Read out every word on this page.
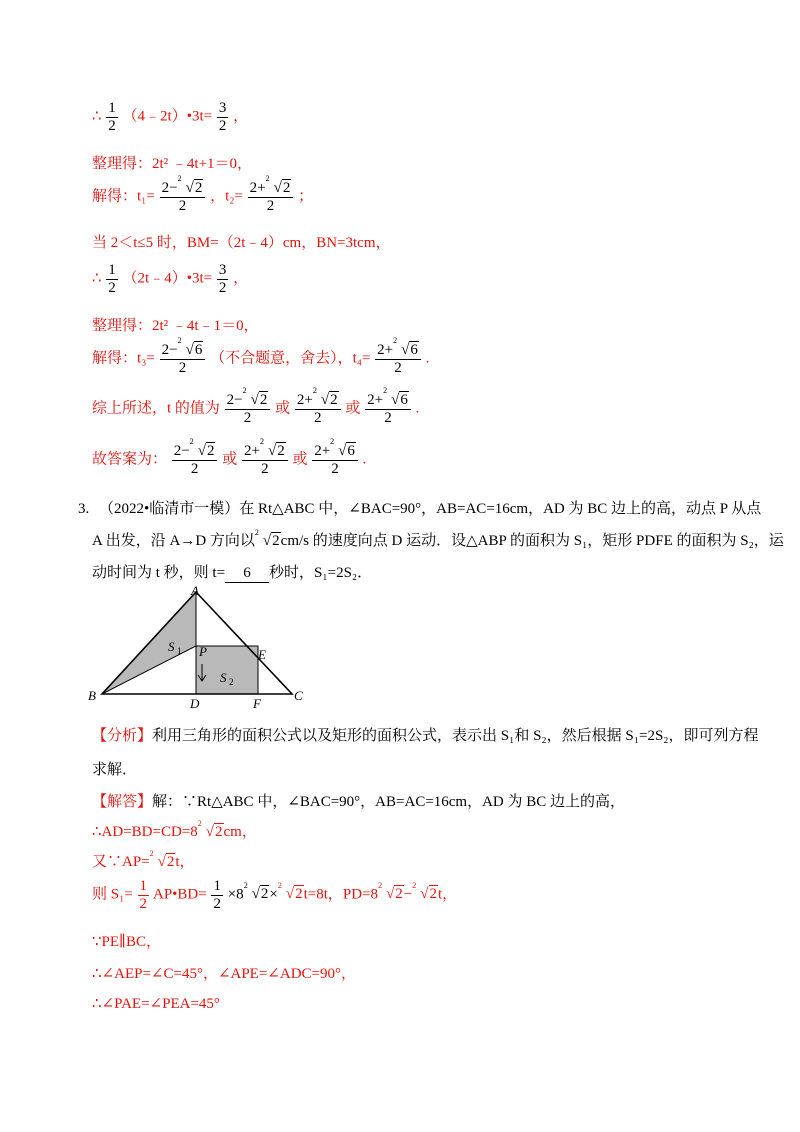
∴ $\frac{1}{2}$ （4﹣2t）•3t= $\frac{3}{2}$ ，
整理得：2t² ﹣4t+1＝0，
解得：t₁= 2−
2
√2
2 ，t₂= 2+
2
√2
2 ；
当 2＜t≤5 时，BM=（2t﹣4）cm，BN=3tcm，
∴ $\frac{1}{2}$ （2t﹣4）•3t= $\frac{3}{2}$ ，
整理得：2t² ﹣4t﹣1＝0，
解得：t₃= 2−
2
√6
2 （不合题意，舍去），t₄= 2+
2
√6
2 .
综上所述，t 的值为 2−
2
√2
2 或 2+
2
√2
2 或 2+
2
√6
2 .
故答案为： 2−
2
√2
2 或 2+
2
√2
2 或 2+
2
√6
2 .
3. （2022•临清市一模）在 Rt△ABC 中，∠BAC=90°，AB=AC=16cm，AD 为 BC 边上的高，动点 P 从点
A 出发，沿 A→D 方向以
2
√2cm/s 的速度向点 D 运动．设△ABP 的面积为 S₁，矩形 PDFE 的面积为 S₂，运
动时间为 t 秒，则 t= 6 秒时，S₁=2S₂．
A
B	C
D	F
E
P
S 1
S 2
【分析】利用三角形的面积公式以及矩形的面积公式，表示出 S₁和 S₂，然后根据 S₁=2S₂，即可列方程
求解．
【解答】解：∵Rt△ABC 中，∠BAC=90°，AB=AC=16cm，AD 为 BC 边上的高，
∴AD=BD=CD=8
2
√2cm，
又∵AP=
2
√2t，
则 $S_1= \frac{1}{2}$ AP•BD= $\frac{1}{2} \times 8$
2
√2×
2
√2t=8t，PD=8
2
√2−
2
√2t，
∵PE∥BC，
∴∠AEP=∠C=45°，∠APE=∠ADC=90°，
∴∠PAE=∠PEA=45°
